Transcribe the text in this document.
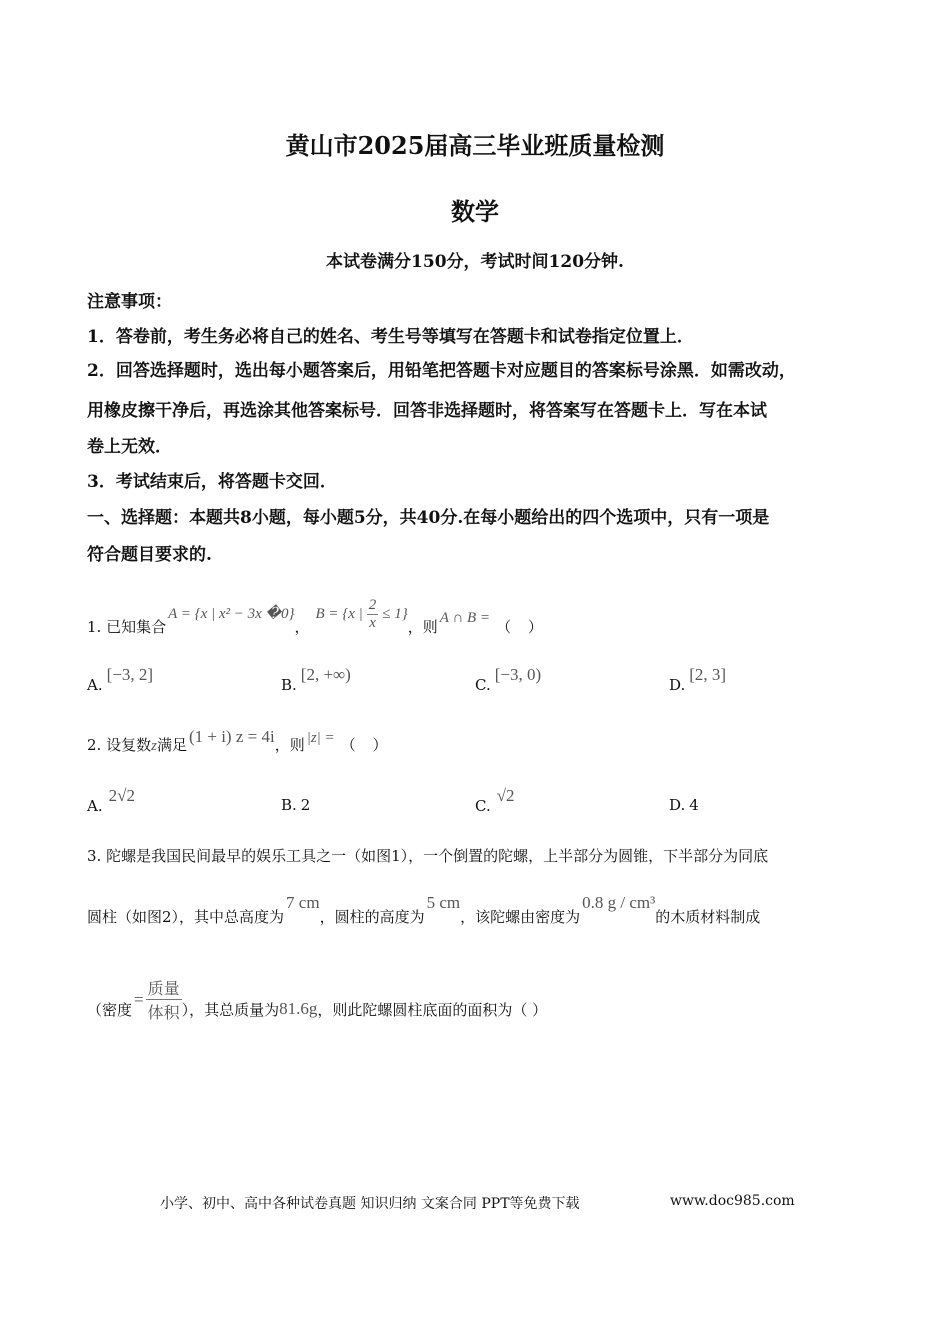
黄山市2025届高三毕业班质量检测
数学
本试卷满分150分，考试时间120分钟.
注意事项：
1．答卷前，考生务必将自己的姓名、考生号等填写在答题卡和试卷指定位置上．
2．回答选择题时，选出每小题答案后，用铅笔把答题卡对应题目的答案标号涂黑．如需改动，
用橡皮擦干净后，再选涂其他答案标号．回答非选择题时，将答案写在答题卡上．写在本试
卷上无效．
3．考试结束后，将答题卡交回．
一、选择题：本题共8小题，每小题5分，共40分.在每小题给出的四个选项中，只有一项是
符合题目要求的.
1. 已知集合
A = {x | x² − 3x �0}
，
B = {x | $\frac{2}{x} \le 1$}
，则 A ∩ B = （ ）
A.[−3, 2]
B.[2, +∞)
C.[−3, 0)
D.[2, 3]
2. 设复数z满足 (1 + i) z = 4i，则 |z| = （ ）
A.2√2	B. 2	C.√2	D. 4
3. 陀螺是我国民间最早的娱乐工具之一（如图1），一个倒置的陀螺，上半部分为圆锥，下半部分为同底
圆柱（如图2），其中总高度为7 cm，圆柱的高度为5 cm，该陀螺由密度为0.8 g / cm³的木质材料制成
（密度
= $\frac{\text{质量}}{\text{体积}}$ ），其总质量为 81.6g ，则此陀螺圆柱底面的面积为（ ）
小学、初中、高中各种试卷真题 知识归纳 文案合同 PPT等免费下载	www.doc985.com
